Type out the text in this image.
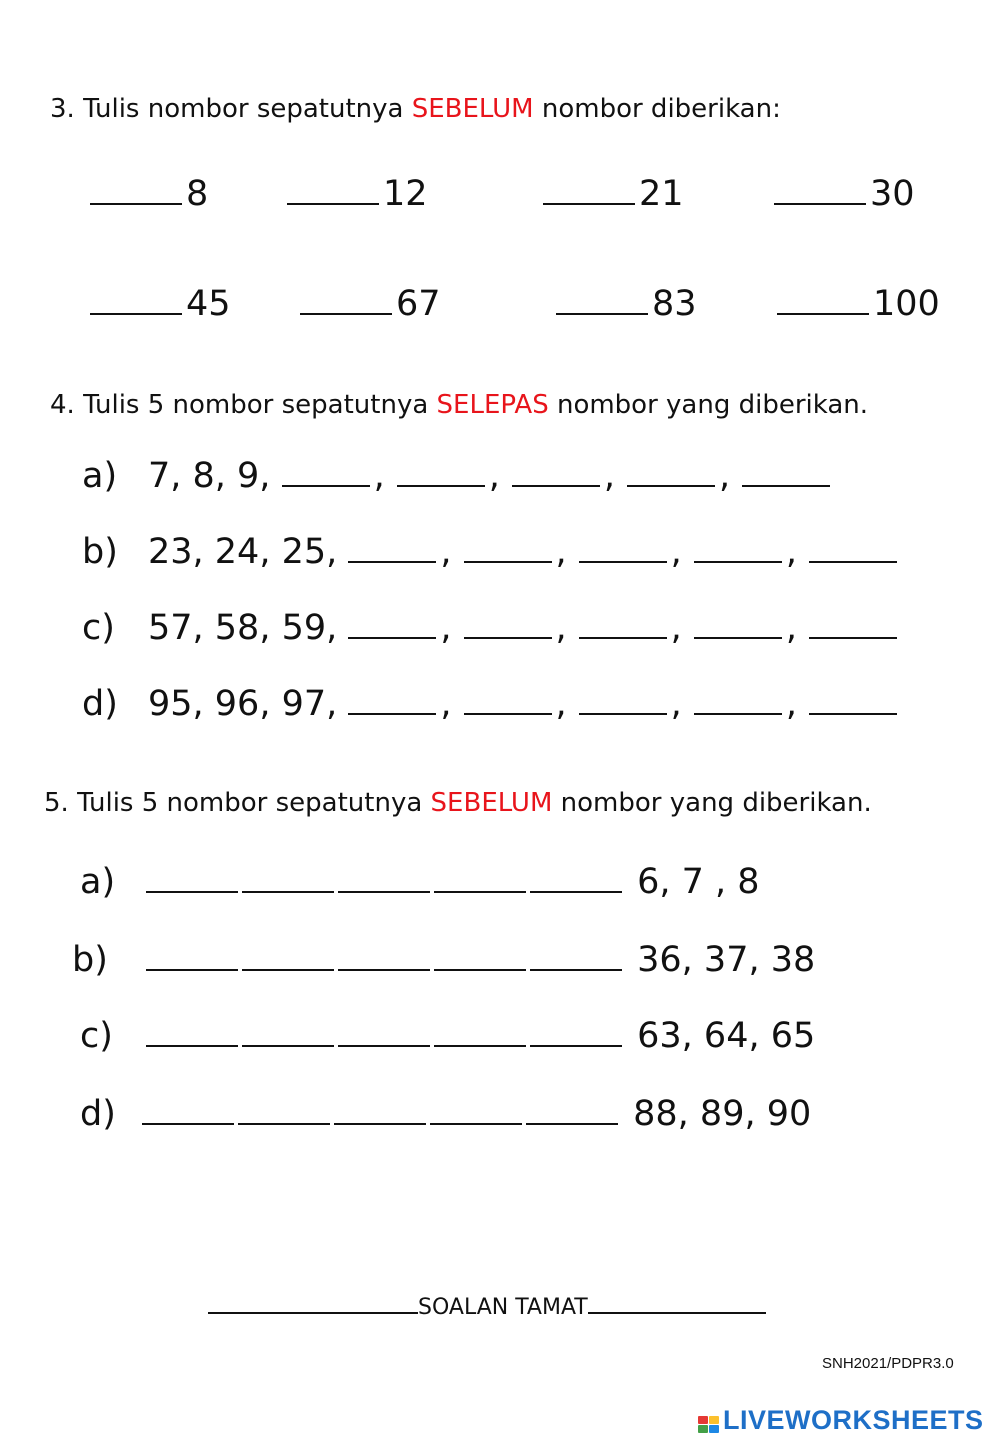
3. Tulis nombor sepatutnya SEBELUM nombor diberikan:
8	12	21	30
45	67	83	100
4. Tulis 5 nombor sepatutnya SELEPAS nombor yang diberikan.
a) 7, 8, 9,	,	,	,	,
b) 23, 24, 25,	,	,	,	,
c) 57, 58, 59,	,	,	,	,
d) 95, 96, 97,	,	,	,	,
5. Tulis 5 nombor sepatutnya SEBELUM nombor yang diberikan.
a)	6, 7 , 8
b)	36, 37, 38
c)	63, 64, 65
d)	88, 89, 90
SOALAN TAMAT
SNH2021/PDPR3.0
LIVEWORKSHEETS
